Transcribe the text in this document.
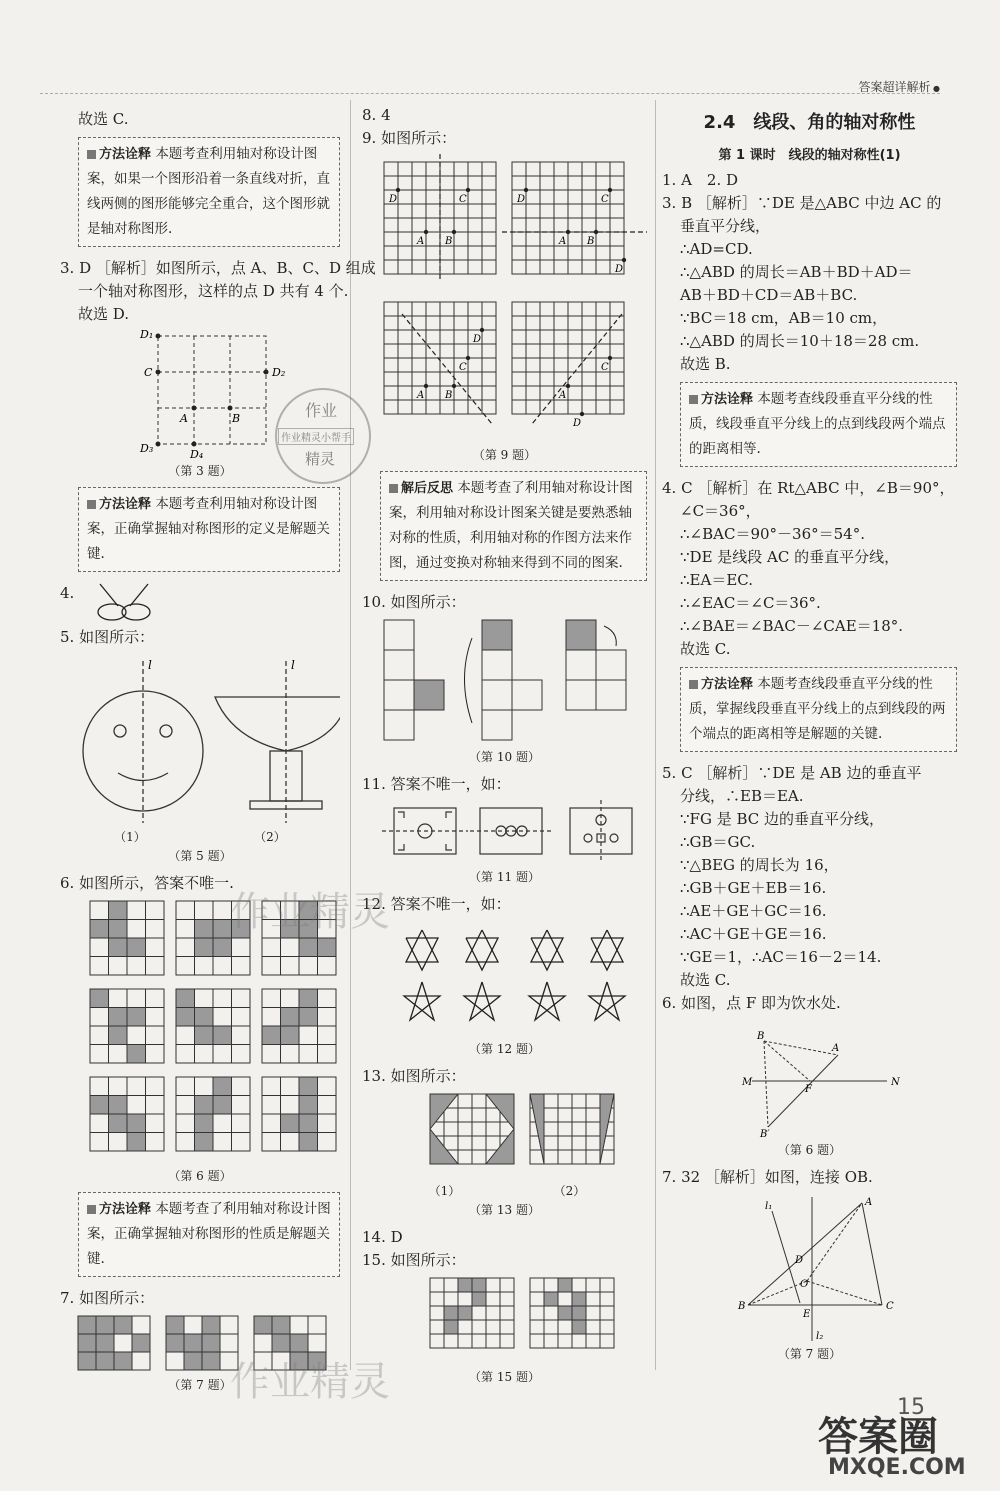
答案超详解析 ●

故选 C.

方法诠释 本题考查利用轴对称设计图案，如果一个图形沿着一条直线对折，直线两侧的图形能够完全重合，这个图形就是轴对称图形.

3. D ［解析］如图所示，点 A、B、C、D 组成

一个轴对称图形，这样的点 D 共有 4 个.

故选 D.

D₁
C	D₂
A	B
D₃	D₄
（第 3 题）
方法诠释 本题考查利用轴对称设计图案，正确掌握轴对称图形的定义是解题关键.
4.

5. 如图所示：

l	l
（1）	（2）
（第 5 题）

6. 如图所示，答案不唯一.

（第 6 题）
方法诠释 本题考查了利用轴对称设计图案，正确掌握轴对称图形的性质是解题关键.

7. 如图所示：

（第 7 题）

8. 4

9. 如图所示：

D	C
A B
D	C
A B
D
D
C
A B
C
A
D
（第 9 题）
解后反思 本题考查了利用轴对称设计图案，利用轴对称设计图案关键是要熟悉轴对称的性质，利用轴对称的作图方法来作图，通过变换对称轴来得到不同的图案.

10. 如图所示：

（第 10 题）

11. 答案不唯一，如：

（第 11 题）

12. 答案不唯一，如：

（第 12 题）

13. 如图所示：

（1）	（2）
（第 13 题）

14. D

15. 如图所示：

（第 15 题）
2.4　线段、角的轴对称性
第 1 课时　线段的轴对称性(1)

1. A　2. D

3. B ［解析］∵DE 是△ABC 中边 AC 的

垂直平分线，

∴AD=CD.

∴△ABD 的周长＝AB＋BD＋AD＝

AB＋BD＋CD＝AB＋BC.

∵BC＝18 cm，AB＝10 cm，

∴△ABD 的周长＝10＋18＝28 cm.

故选 B.

方法诠释 本题考查线段垂直平分线的性质，线段垂直平分线上的点到线段两个端点的距离相等.

4. C ［解析］在 Rt△ABC 中，∠B＝90°，

∠C＝36°，

∴∠BAC＝90°－36°＝54°.

∵DE 是线段 AC 的垂直平分线，

∴EA＝EC.

∴∠EAC＝∠C＝36°.

∴∠BAE＝∠BAC－∠CAE＝18°.

故选 C.

方法诠释 本题考查线段垂直平分线的性质，掌握线段垂直平分线上的点到线段的两个端点的距离相等是解题的关键.

5. C ［解析］∵DE 是 AB 边的垂直平

分线，∴EB＝EA.

∵FG 是 BC 边的垂直平分线，

∴GB＝GC.

∵△BEG 的周长为 16，

∴GB＋GE＋EB＝16.

∴AE＋GE＋GC＝16.

∴AC＋GE＋GE＝16.

∵GE＝1，∴AC＝16－2＝14.

故选 C.

6. 如图，点 F 即为饮水处.

B
A
M
F
N
B′
（第 6 题）

7. 32 ［解析］如图，连接 OB.

l₁	A
D
O
B
E
C
l₂
（第 7 题）
作业精灵
作业精灵
作业
作业精灵小帮手
精灵
15
答案圈
MXQE.COM
